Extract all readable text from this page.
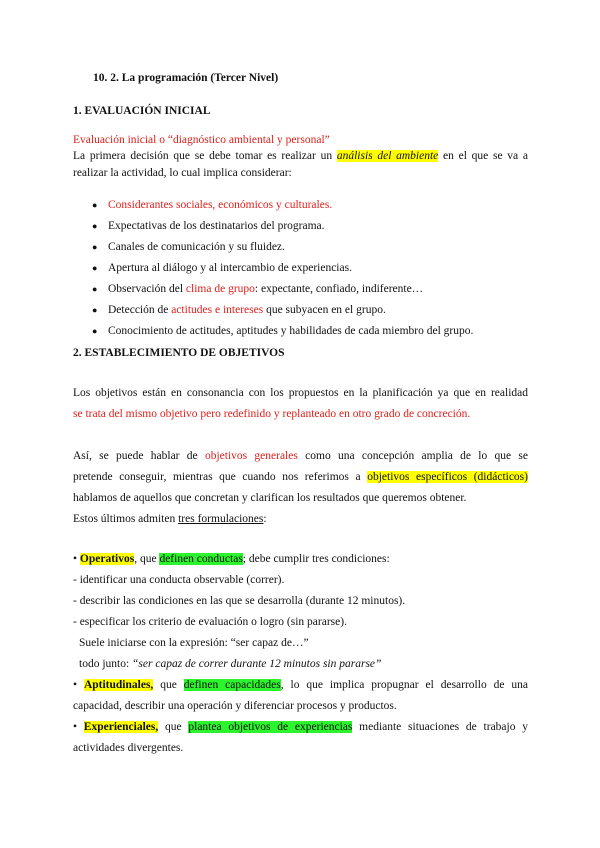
10. 2. La programación (Tercer Nivel)
1. EVALUACIÓN INICIAL
Evaluación inicial o “diagnóstico ambiental y personal”
La primera decisión que se debe tomar es realizar un análisis del ambiente en el que se va a
realizar la actividad, lo cual implica considerar:
● Considerantes sociales, económicos y culturales.
● Expectativas de los destinatarios del programa.
● Canales de comunicación y su fluidez.
● Apertura al diálogo y al intercambio de experiencias.
● Observación del clima de grupo: expectante, confiado, indiferente…
● Detección de actitudes e intereses que subyacen en el grupo.
● Conocimiento de actitudes, aptitudes y habilidades de cada miembro del grupo.
2. ESTABLECIMIENTO DE OBJETIVOS
Los objetivos están en consonancia con los propuestos en la planificación ya que en realidad
se trata del mismo objetivo pero redefinido y replanteado en otro grado de concreción.
Así, se puede hablar de objetivos generales como una concepción amplia de lo que se
pretende conseguir, mientras que cuando nos referimos a objetivos específicos (didácticos)
hablamos de aquellos que concretan y clarifican los resultados que queremos obtener.
Estos últimos admiten tres formulaciones:
• Operativos, que definen conductas; debe cumplir tres condiciones:
- identificar una conducta observable (correr).
- describir las condiciones en las que se desarrolla (durante 12 minutos).
- especificar los criterio de evaluación o logro (sin pararse).
Suele iniciarse con la expresión: “ser capaz de…”
todo junto: “ser capaz de correr durante 12 minutos sin pararse”
• Aptitudinales, que definen capacidades, lo que implica propugnar el desarrollo de una
capacidad, describir una operación y diferenciar procesos y productos.
• Experienciales, que plantea objetivos de experiencias mediante situaciones de trabajo y
actividades divergentes.
